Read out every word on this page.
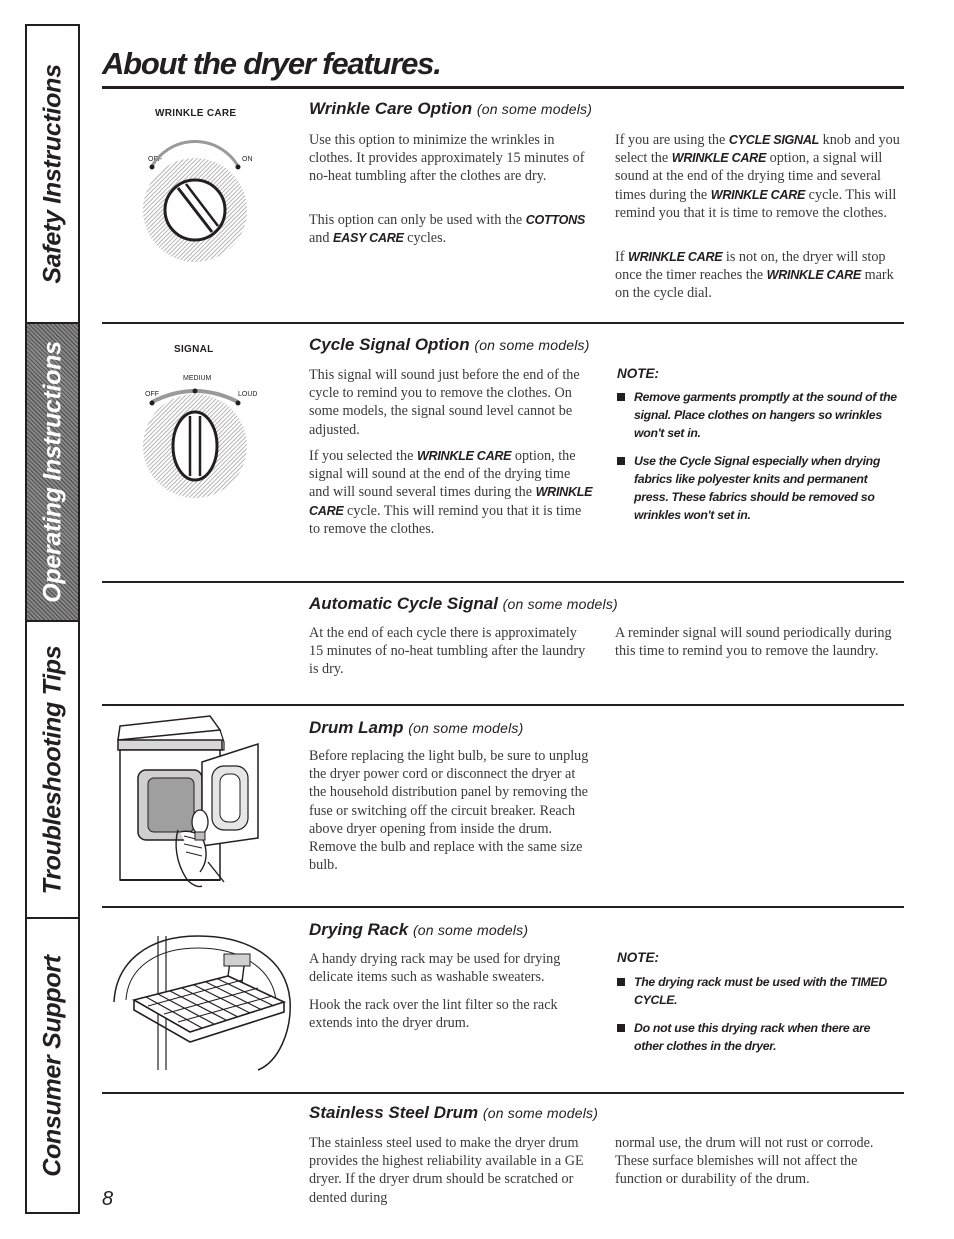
Safety Instructions
Operating Instructions
Troubleshooting Tips
Consumer Support
About the dryer features.
WRINKLE CARE
OFF	ON
Wrinkle Care Option (on some models)

Use this option to minimize the wrinkles in clothes. It provides approximately 15 minutes of no-heat tumbling after the clothes are dry.

This option can only be used with the COTTONS and EASY CARE cycles.

If you are using the CYCLE SIGNAL knob and you select the WRINKLE CARE option, a signal will sound at the end of the drying time and several times during the WRINKLE CARE cycle. This will remind you that it is time to remove the clothes.

If WRINKLE CARE is not on, the dryer will stop once the timer reaches the WRINKLE CARE mark on the cycle dial.

SIGNAL
MEDIUM
OFF	LOUD
Cycle Signal Option (on some models)

This signal will sound just before the end of the cycle to remind you to remove the clothes. On some models, the signal sound level cannot be adjusted.

If you selected the WRINKLE CARE option, the signal will sound at the end of the drying time and will sound several times during the WRINKLE CARE cycle. This will remind you that it is time to remove the clothes.

NOTE:

Remove garments promptly at the sound of the signal. Place clothes on hangers so wrinkles won't set in.

Use the Cycle Signal especially when drying fabrics like polyester knits and permanent press. These fabrics should be removed so wrinkles won't set in.

Automatic Cycle Signal (on some models)

At the end of each cycle there is approximately 15 minutes of no-heat tumbling after the laundry is dry.

A reminder signal will sound periodically during this time to remind you to remove the laundry.

Drum Lamp (on some models)

Before replacing the light bulb, be sure to unplug the dryer power cord or disconnect the dryer at the household distribution panel by removing the fuse or switching off the circuit breaker. Reach above dryer opening from inside the drum. Remove the bulb and replace with the same size bulb.

Drying Rack (on some models)

A handy drying rack may be used for drying delicate items such as washable sweaters.

Hook the rack over the lint filter so the rack extends into the dryer drum.

NOTE:

The drying rack must be used with the TIMED CYCLE.

Do not use this drying rack when there are other clothes in the dryer.

Stainless Steel Drum (on some models)

The stainless steel used to make the dryer drum provides the highest reliability available in a GE dryer. If the dryer drum should be scratched or dented during

normal use, the drum will not rust or corrode. These surface blemishes will not affect the function or durability of the drum.

8
